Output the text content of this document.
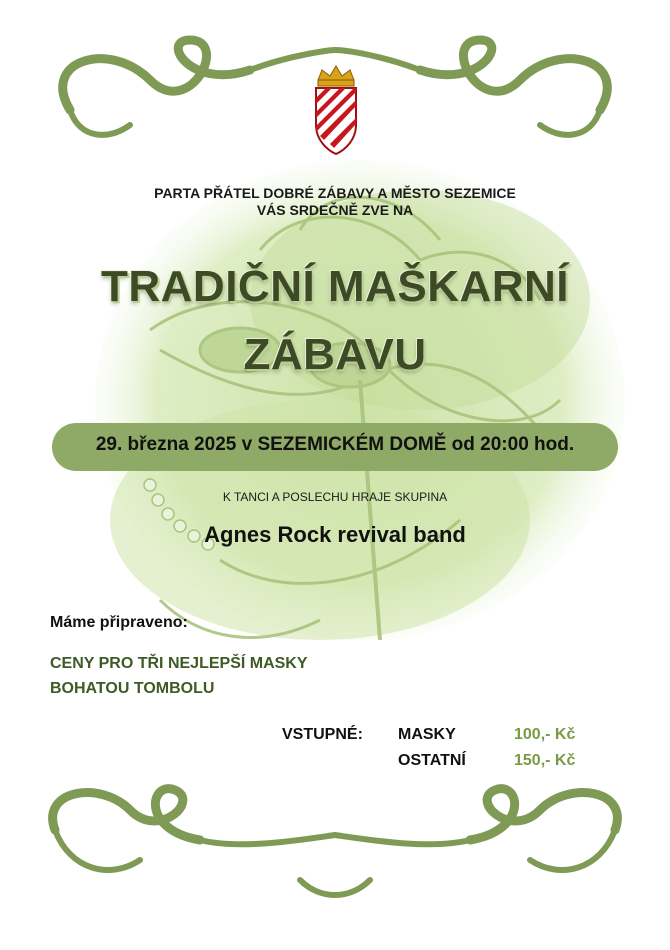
PARTA PŘÁTEL DOBRÉ ZÁBAVY A MĚSTO SEZEMICE

VÁS SRDEČNĚ ZVE NA

TRADIČNÍ MAŠKARNÍ
ZÁBAVU

29. března 2025 v SEZEMICKÉM DOMĚ od 20:00 hod.

K TANCI A POSLECHU HRAJE SKUPINA

Agnes Rock revival band

Máme připraveno:

CENY PRO TŘI NEJLEPŠÍ MASKY

BOHATOU TOMBOLU

VSTUPNÉ: MASKY	100,- Kč

OSTATNÍ	150,- Kč
